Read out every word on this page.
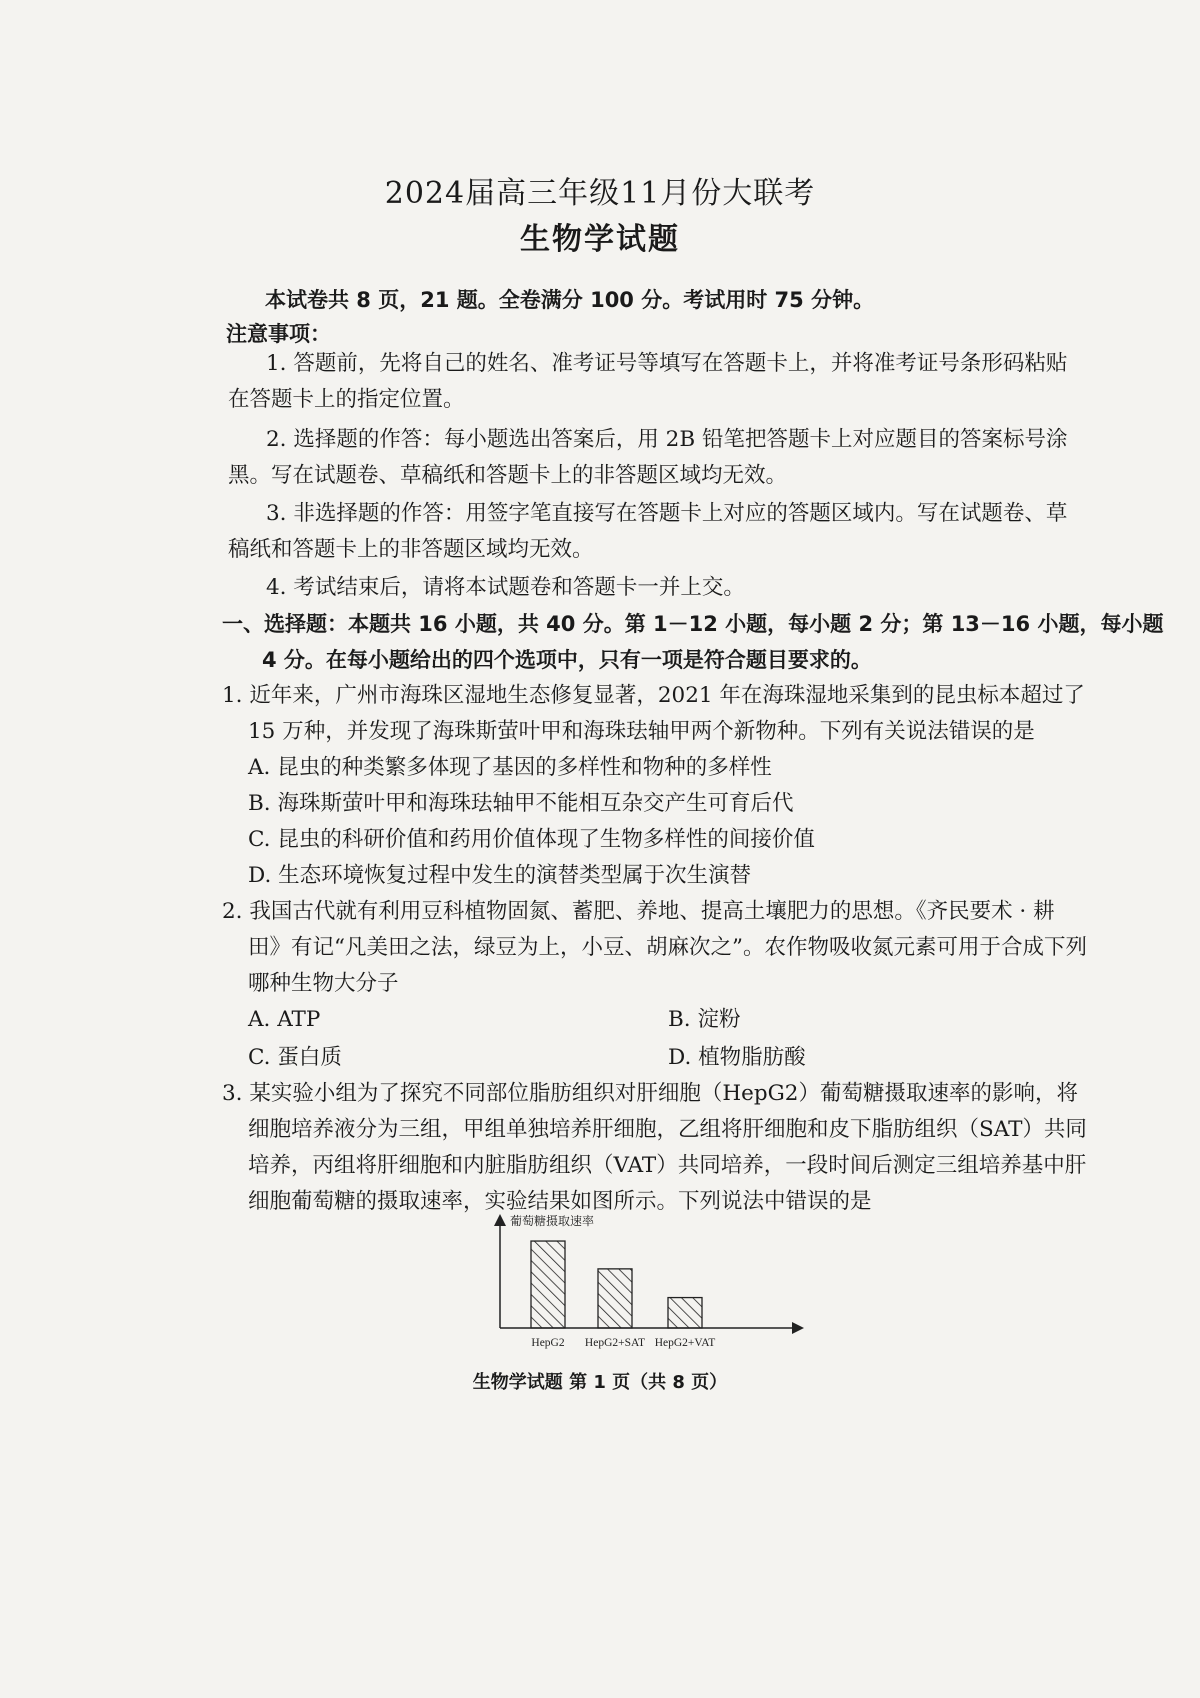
2024届高三年级11月份大联考
生物学试题
本试卷共 8 页，21 题。全卷满分 100 分。考试用时 75 分钟。
注意事项：
1. 答题前，先将自己的姓名、准考证号等填写在答题卡上，并将准考证号条形码粘贴
在答题卡上的指定位置。
2. 选择题的作答：每小题选出答案后，用 2B 铅笔把答题卡上对应题目的答案标号涂
黑。写在试题卷、草稿纸和答题卡上的非答题区域均无效。
3. 非选择题的作答：用签字笔直接写在答题卡上对应的答题区域内。写在试题卷、草
稿纸和答题卡上的非答题区域均无效。
4. 考试结束后，请将本试题卷和答题卡一并上交。
一、选择题：本题共 16 小题，共 40 分。第 1－12 小题，每小题 2 分；第 13－16 小题，每小题
4 分。在每小题给出的四个选项中，只有一项是符合题目要求的。
1. 近年来，广州市海珠区湿地生态修复显著，2021 年在海珠湿地采集到的昆虫标本超过了
15 万种，并发现了海珠斯萤叶甲和海珠珐轴甲两个新物种。下列有关说法错误的是
A. 昆虫的种类繁多体现了基因的多样性和物种的多样性
B. 海珠斯萤叶甲和海珠珐轴甲不能相互杂交产生可育后代
C. 昆虫的科研价值和药用价值体现了生物多样性的间接价值
D. 生态环境恢复过程中发生的演替类型属于次生演替
2. 我国古代就有利用豆科植物固氮、蓄肥、养地、提高土壤肥力的思想。《齐民要术 · 耕
田》有记“凡美田之法，绿豆为上，小豆、胡麻次之”。农作物吸收氮元素可用于合成下列
哪种生物大分子
A. ATP	B. 淀粉
C. 蛋白质	D. 植物脂肪酸
3. 某实验小组为了探究不同部位脂肪组织对肝细胞（HepG2）葡萄糖摄取速率的影响，将
细胞培养液分为三组，甲组单独培养肝细胞，乙组将肝细胞和皮下脂肪组织（SAT）共同
培养，丙组将肝细胞和内脏脂肪组织（VAT）共同培养，一段时间后测定三组培养基中肝
细胞葡萄糖的摄取速率，实验结果如图所示。下列说法中错误的是
葡萄糖摄取速率
HepG2 HepG2+SAT HepG2+VAT
生物学试题 第 1 页（共 8 页）
